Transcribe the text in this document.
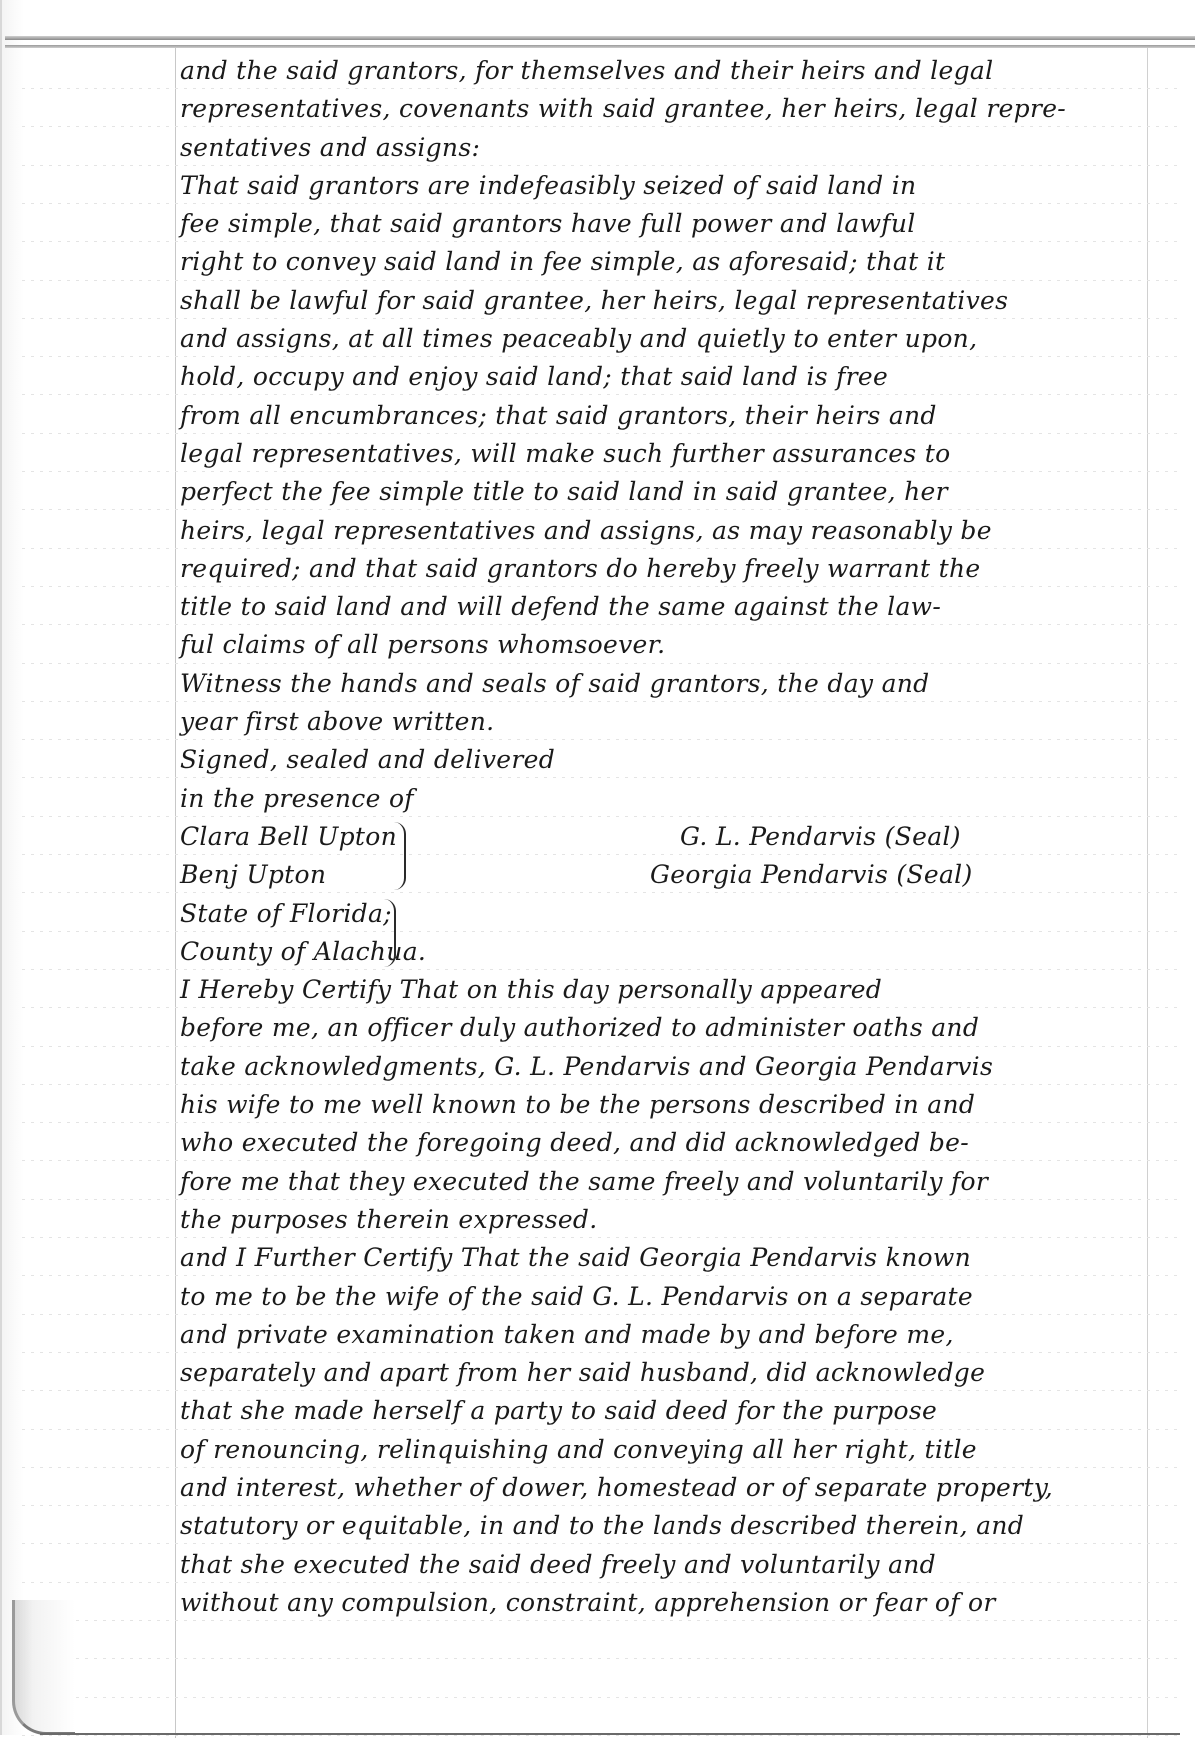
and the said grantors, for themselves and their heirs and legal
representatives, covenants with said grantee, her heirs, legal repre-
sentatives and assigns:
That said grantors are indefeasibly seized of said land in
fee simple, that said grantors have full power and lawful
right to convey said land in fee simple, as aforesaid; that it
shall be lawful for said grantee, her heirs, legal representatives
and assigns, at all times peaceably and quietly to enter upon,
hold, occupy and enjoy said land; that said land is free
from all encumbrances; that said grantors, their heirs and
legal representatives, will make such further assurances to
perfect the fee simple title to said land in said grantee, her
heirs, legal representatives and assigns, as may reasonably be
required; and that said grantors do hereby freely warrant the
title to said land and will defend the same against the law-
ful claims of all persons whomsoever.
Witness the hands and seals of said grantors, the day and
year first above written.
Signed, sealed and delivered
in the presence of
Clara Bell Upton	G. L. Pendarvis (Seal)
Benj Upton	Georgia Pendarvis (Seal)
State of Florida;
County of Alachua.
I Hereby Certify That on this day personally appeared
before me, an officer duly authorized to administer oaths and
take acknowledgments, G. L. Pendarvis and Georgia Pendarvis
his wife to me well known to be the persons described in and
who executed the foregoing deed, and did acknowledged be-
fore me that they executed the same freely and voluntarily for
the purposes therein expressed.
and I Further Certify That the said Georgia Pendarvis known
to me to be the wife of the said G. L. Pendarvis on a separate
and private examination taken and made by and before me,
separately and apart from her said husband, did acknowledge
that she made herself a party to said deed for the purpose
of renouncing, relinquishing and conveying all her right, title
and interest, whether of dower, homestead or of separate property,
statutory or equitable, in and to the lands described therein, and
that she executed the said deed freely and voluntarily and
without any compulsion, constraint, apprehension or fear of or
